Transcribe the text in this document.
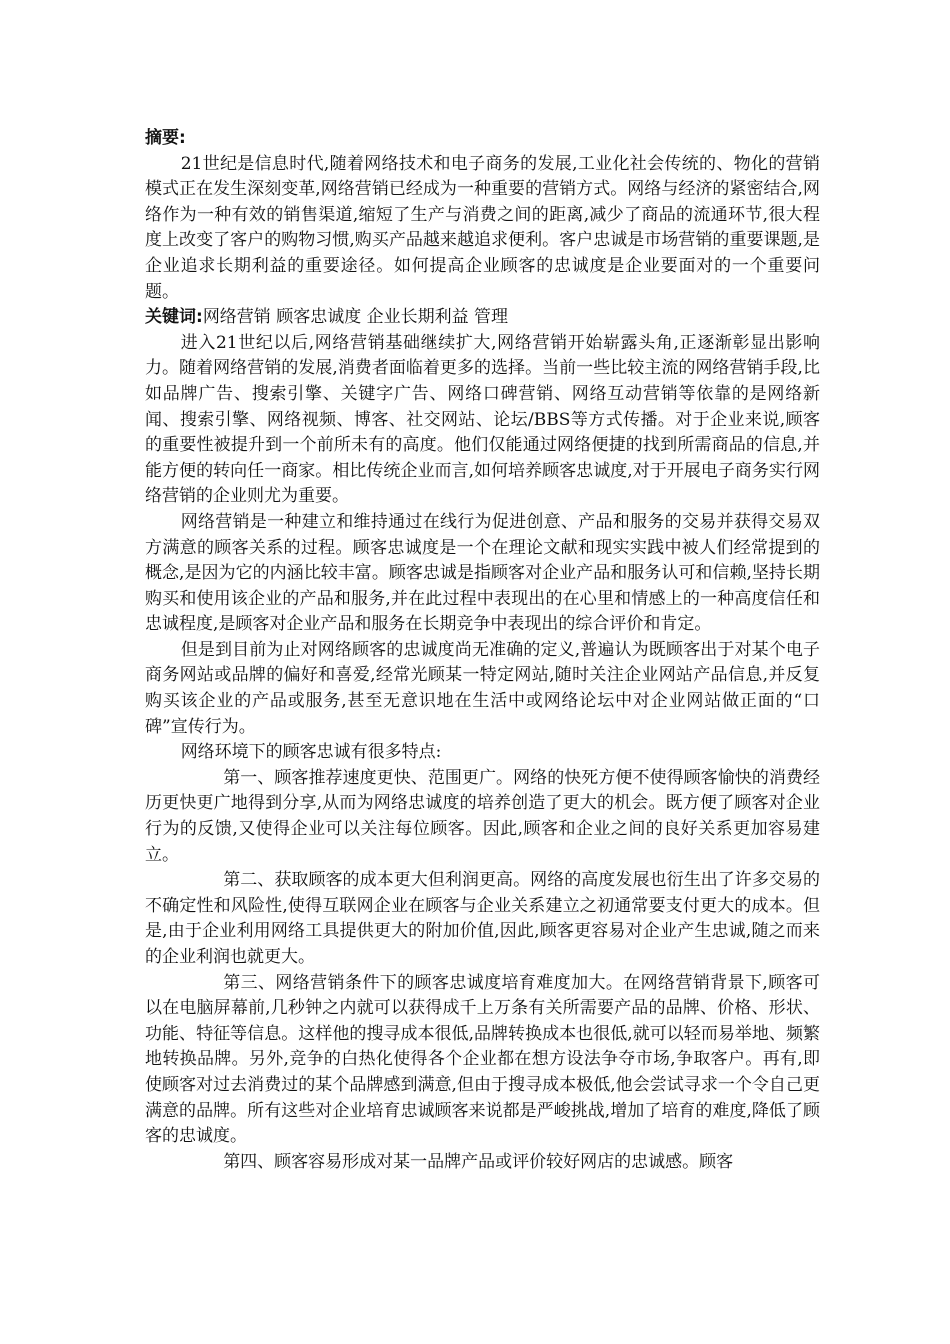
摘要:

21世纪是信息时代,随着网络技术和电子商务的发展,工业化社会传统的、物化的营销模式正在发生深刻变革,网络营销已经成为一种重要的营销方式。网络与经济的紧密结合,网络作为一种有效的销售渠道,缩短了生产与消费之间的距离,减少了商品的流通环节,很大程度上改变了客户的购物习惯,购买产品越来越追求便利。客户忠诚是市场营销的重要课题,是企业追求长期利益的重要途径。如何提高企业顾客的忠诚度是企业要面对的一个重要问题。

关键词:网络营销 顾客忠诚度 企业长期利益 管理

进入21世纪以后,网络营销基础继续扩大,网络营销开始崭露头角,正逐渐彰显出影响力。随着网络营销的发展,消费者面临着更多的选择。当前一些比较主流的网络营销手段,比如品牌广告、搜索引擎、关键字广告、网络口碑营销、网络互动营销等依靠的是网络新闻、搜索引擎、网络视频、博客、社交网站、论坛/BBS等方式传播。对于企业来说,顾客的重要性被提升到一个前所未有的高度。他们仅能通过网络便捷的找到所需商品的信息,并能方便的转向任一商家。相比传统企业而言,如何培养顾客忠诚度,对于开展电子商务实行网络营销的企业则尤为重要。

网络营销是一种建立和维持通过在线行为促进创意、产品和服务的交易并获得交易双方满意的顾客关系的过程。顾客忠诚度是一个在理论文献和现实实践中被人们经常提到的概念,是因为它的内涵比较丰富。顾客忠诚是指顾客对企业产品和服务认可和信赖,坚持长期购买和使用该企业的产品和服务,并在此过程中表现出的在心里和情感上的一种高度信任和忠诚程度,是顾客对企业产品和服务在长期竞争中表现出的综合评价和肯定。

但是到目前为止对网络顾客的忠诚度尚无准确的定义,普遍认为既顾客出于对某个电子商务网站或品牌的偏好和喜爱,经常光顾某一特定网站,随时关注企业网站产品信息,并反复购买该企业的产品或服务,甚至无意识地在生活中或网络论坛中对企业网站做正面的“口碑”宣传行为。

网络环境下的顾客忠诚有很多特点:

第一、顾客推荐速度更快、范围更广。网络的快死方便不使得顾客愉快的消费经历更快更广地得到分享,从而为网络忠诚度的培养创造了更大的机会。既方便了顾客对企业行为的反馈,又使得企业可以关注每位顾客。因此,顾客和企业之间的良好关系更加容易建立。

第二、获取顾客的成本更大但利润更高。网络的高度发展也衍生出了许多交易的不确定性和风险性,使得互联网企业在顾客与企业关系建立之初通常要支付更大的成本。但是,由于企业利用网络工具提供更大的附加价值,因此,顾客更容易对企业产生忠诚,随之而来的企业利润也就更大。

第三、网络营销条件下的顾客忠诚度培育难度加大。在网络营销背景下,顾客可以在电脑屏幕前,几秒钟之内就可以获得成千上万条有关所需要产品的品牌、价格、形状、功能、特征等信息。这样他的搜寻成本很低,品牌转换成本也很低,就可以轻而易举地、频繁地转换品牌。另外,竞争的白热化使得各个企业都在想方设法争夺市场,争取客户。再有,即使顾客对过去消费过的某个品牌感到满意,但由于搜寻成本极低,他会尝试寻求一个令自己更满意的品牌。所有这些对企业培育忠诚顾客来说都是严峻挑战,增加了培育的难度,降低了顾客的忠诚度。

第四、顾客容易形成对某一品牌产品或评价较好网店的忠诚感。顾客
